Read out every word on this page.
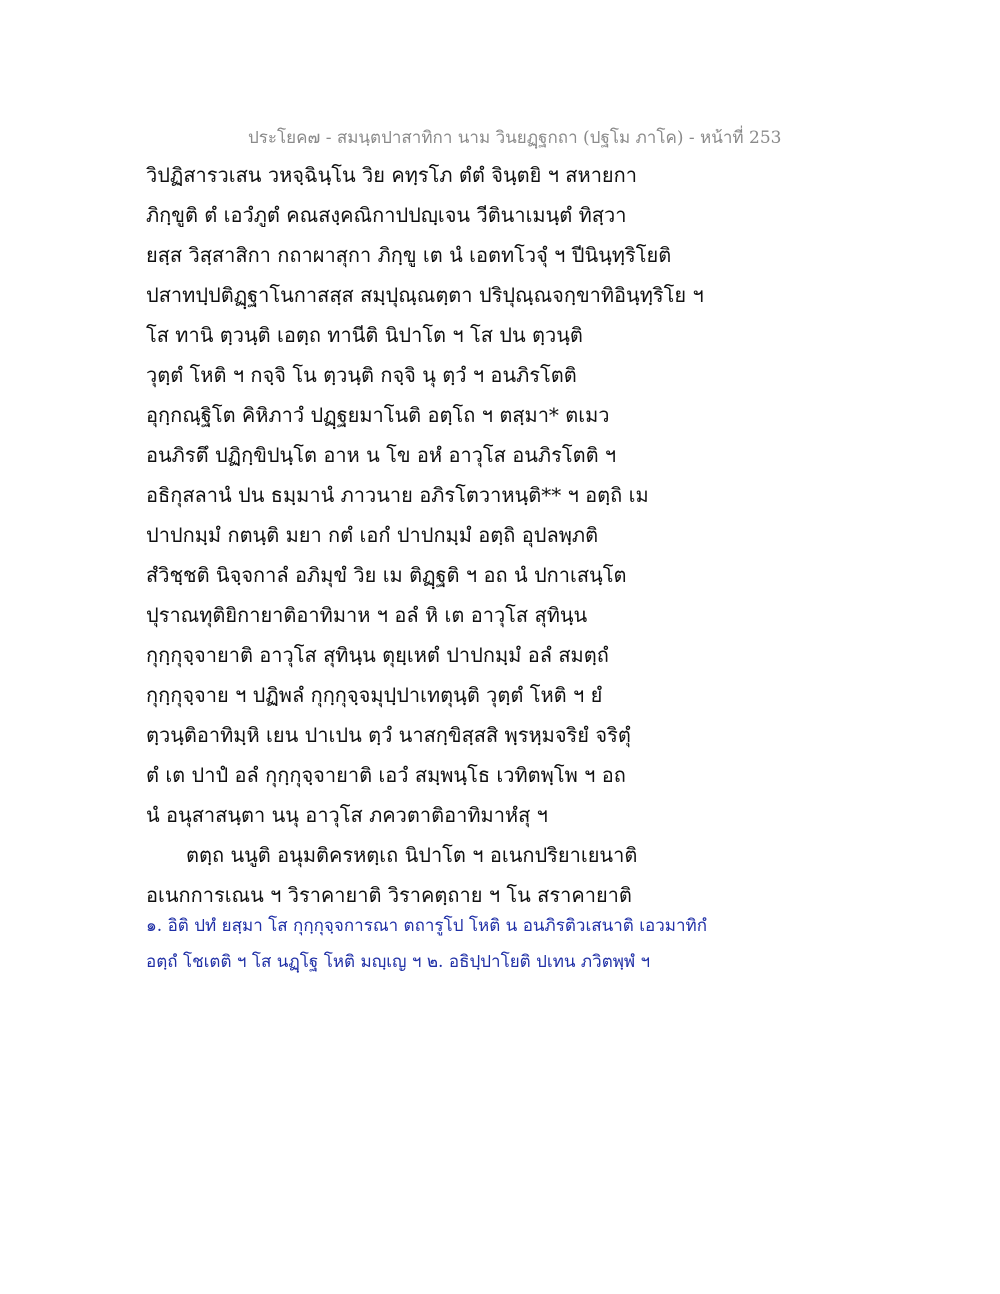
ประโยค๗ - สมนฺตปาสาทิกา นาม วินยฏฺฐกถา (ปฐโม ภาโค) - หน้าที่ 253
วิปฏิสารวเสน วหจฺฉินฺโน วิย คทฺรโภ ตํตํ จินฺตยิ ฯ สหายกา
ภิกฺขูติ ตํ เอวํภูตํ คณสงฺคณิกาปปญฺเจน วีตินาเมนฺตํ ทิสฺวา
ยสฺส วิสฺสาสิกา กถาผาสุกา ภิกฺขู เต นํ เอตทโวจุํ ฯ ปีนินฺทฺริโยติ
ปสาทปฺปติฏฺฐาโนกาสสฺส สมฺปุณฺณตฺตา ปริปุณฺณจกฺขาทิอินฺทฺริโย ฯ
โส ทานิ ตฺวนฺติ เอตฺถ ทานีติ นิปาโต ฯ โส ปน ตฺวนฺติ
วุตฺตํ โหติ ฯ กจฺจิ โน ตฺวนฺติ กจฺจิ นุ ตฺวํ ฯ อนภิรโตติ
อุกฺกณฺฐิโต คิหิภาวํ ปฏฺฐยมาโนติ อตฺโถ ฯ ตสฺมา* ตเมว
อนภิรตึ ปฏิกฺขิปนฺโต อาห น โข อหํ อาวุโส อนภิรโตติ ฯ
อธิกุสลานํ ปน ธมฺมานํ ภาวนาย อภิรโตวาหนฺติ** ฯ อตฺถิ เม
ปาปกมฺมํ กตนฺติ มยา กตํ เอกํ ปาปกมฺมํ อตฺถิ อุปลพฺภติ
สํวิชฺชติ นิจฺจกาลํ อภิมุขํ วิย เม ติฏฺฐติ ฯ อถ นํ ปกาเสนฺโต
ปุราณทุติยิกายาติอาทิมาห ฯ อลํ หิ เต อาวุโส สุทินฺน
กุกฺกุจฺจายาติ อาวุโส สุทินฺน ตุยฺเหตํ ปาปกมฺมํ อลํ สมตฺถํ
กุกฺกุจฺจาย ฯ ปฏิพลํ กุกฺกุจฺจมุปฺปาเทตุนฺติ วุตฺตํ โหติ ฯ ยํ
ตฺวนฺติอาทิมฺหิ เยน ปาเปน ตฺวํ นาสกฺขิสฺสสิ พฺรหฺมจริยํ จริตุํ
ตํ เต ปาปํ อลํ กุกฺกุจฺจายาติ เอวํ สมฺพนฺโธ เวทิตพฺโพ ฯ อถ
นํ อนุสาสนฺตา นนุ อาวุโส ภควตาติอาทิมาหํสุ ฯ
ตตฺถ นนูติ อนุมติครหตฺเถ นิปาโต ฯ อเนกปริยาเยนาติ
อเนกการเณน ฯ วิราคายาติ วิราคตฺถาย ฯ โน สราคายาติ
๑. อิติ ปทํ ยสฺมา โส กุกฺกุจฺจการณา ตถารูโป โหติ น อนภิรติวเสนาติ เอวมาทิกํ
อตฺถํ โชเตติ ฯ โส นฏฺโฐ โหติ มญฺเญ ฯ ๒. อธิปฺปาโยติ ปเทน ภวิตพฺพํ ฯ
